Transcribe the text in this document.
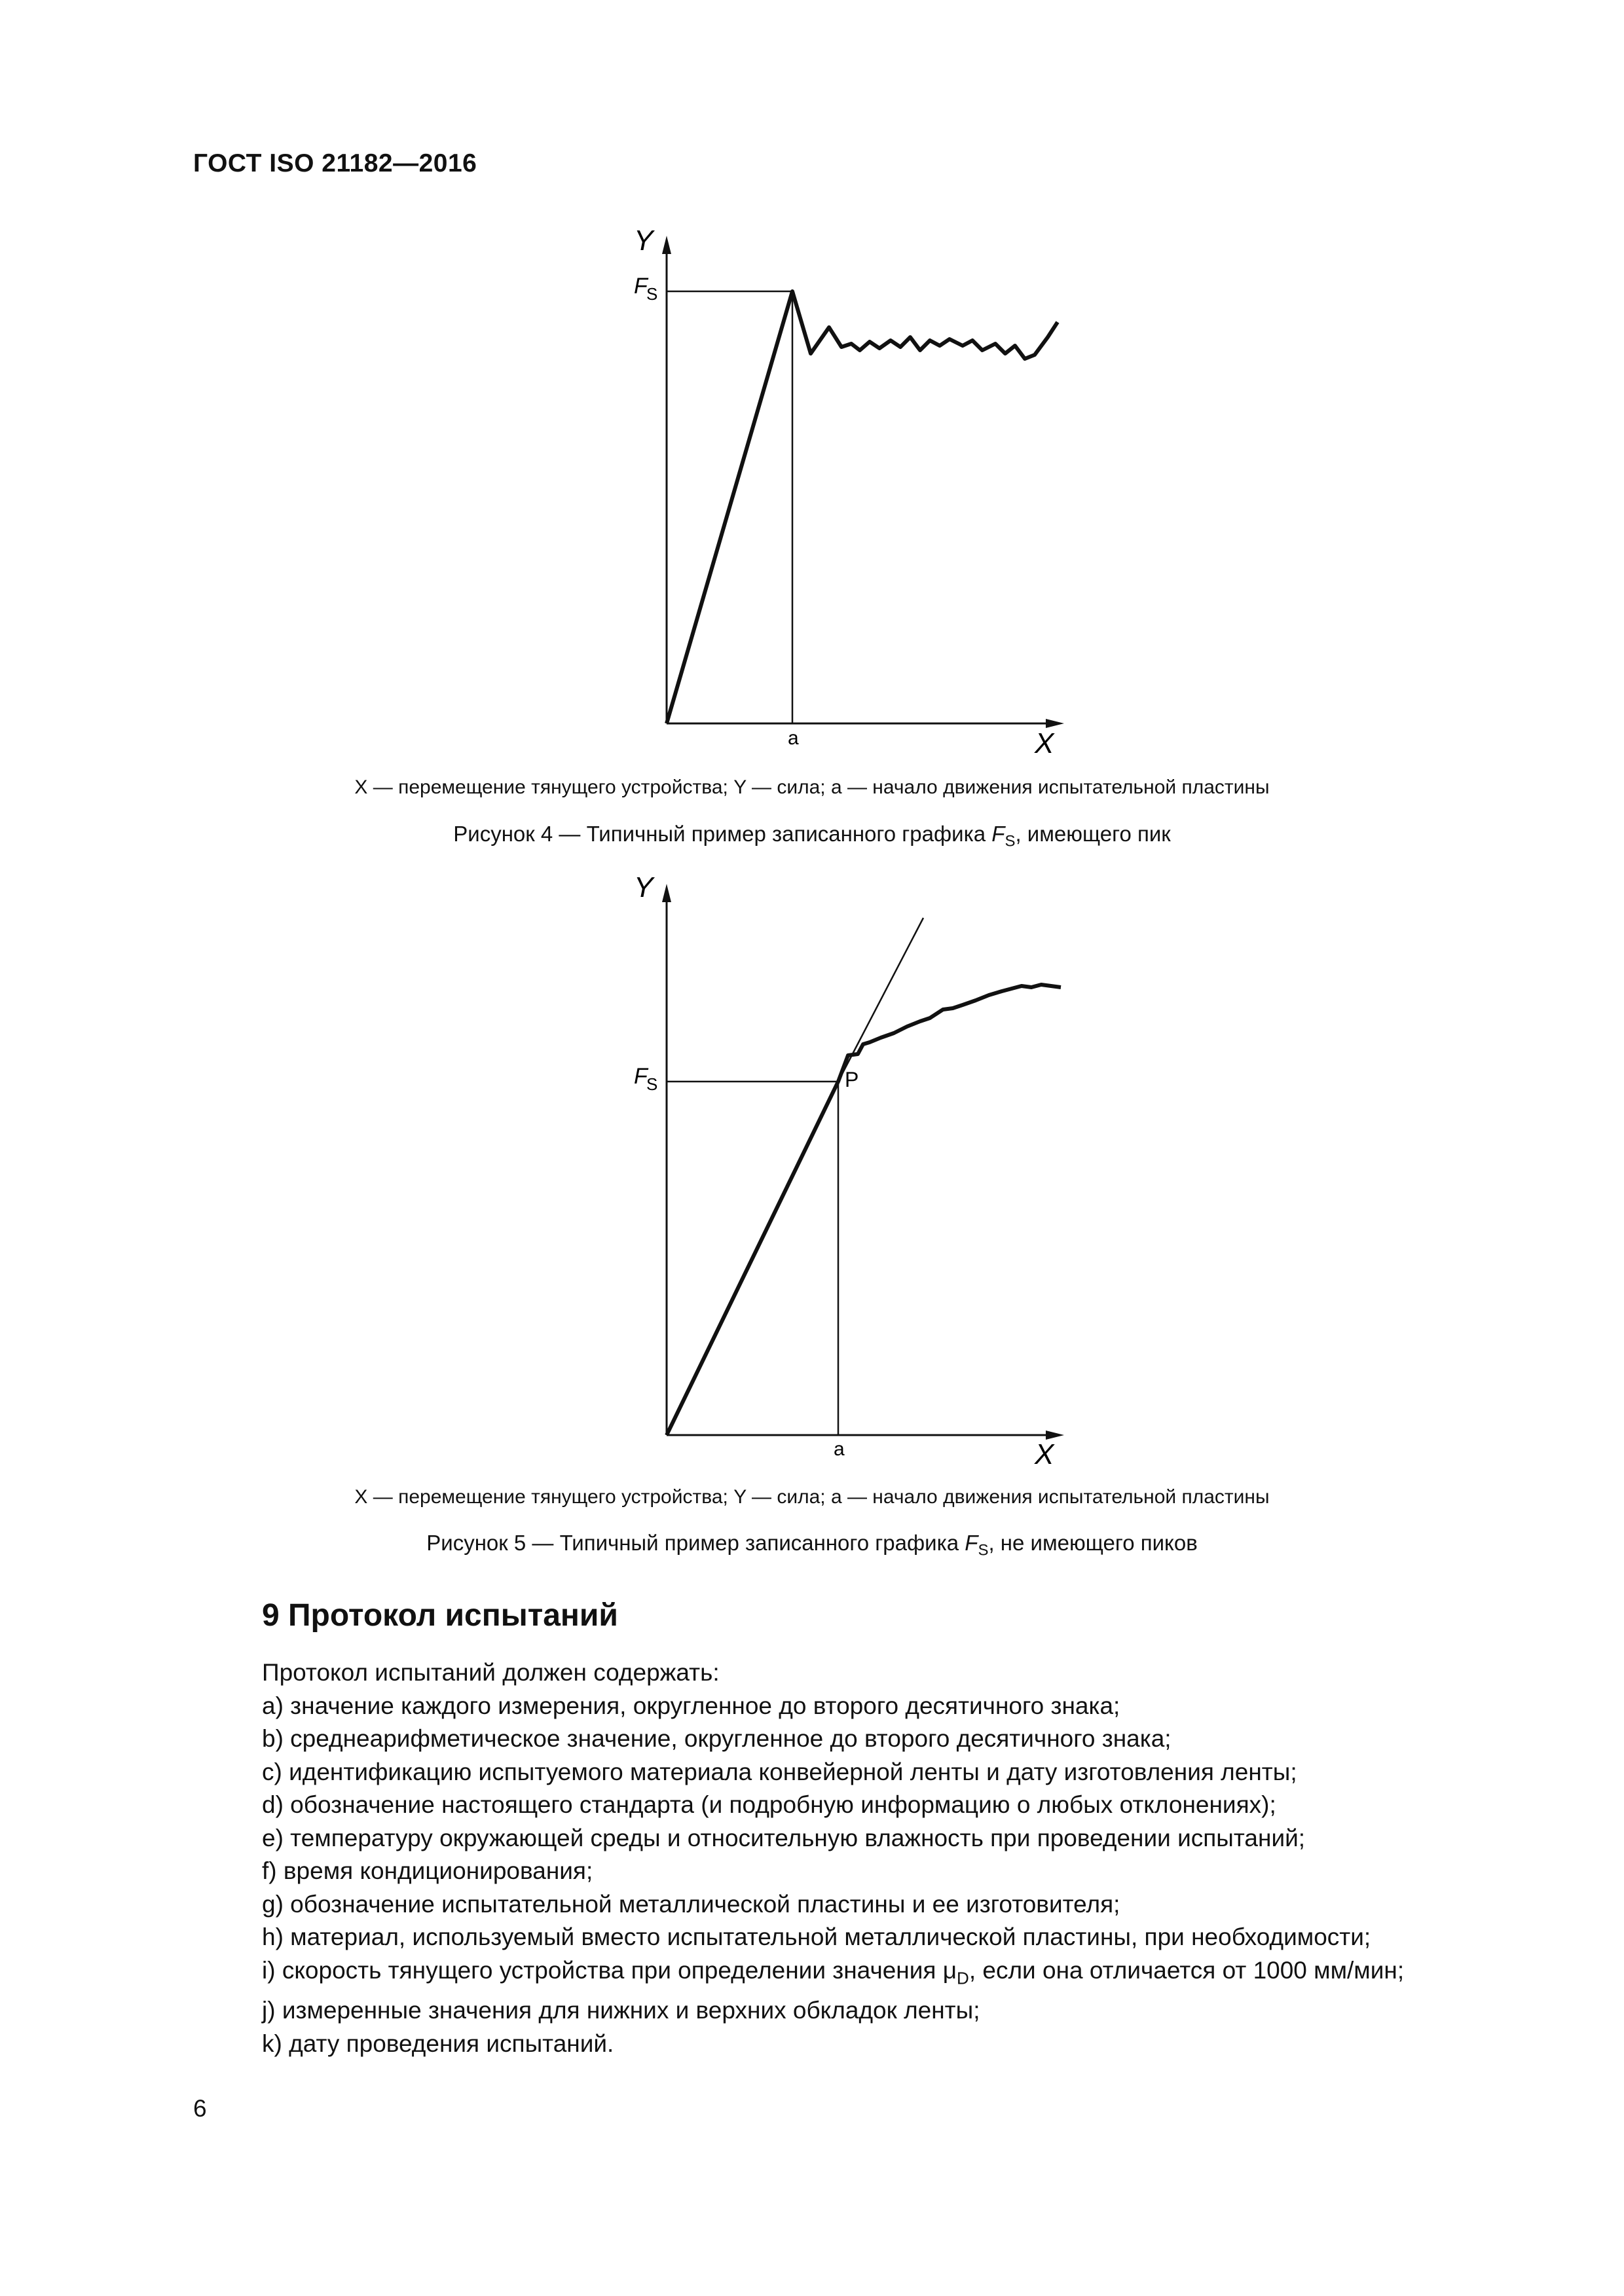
ГОСТ ISO 21182—2016
Y
X
F
S
a
X — перемещение тянущего устройства; Y — сила; a — начало движения испытательной пластины
Рисунок 4 — Типичный пример записанного графика $F_S$, имеющего пик
Y
X
F
S	P
a
X — перемещение тянущего устройства; Y — сила; a — начало движения испытательной пластины
Рисунок 5 — Типичный пример записанного графика $F_S$, не имеющего пиков
9 Протокол испытаний
Протокол испытаний должен содержать:
a) значение каждого измерения, округленное до второго десятичного знака;
b) среднеарифметическое значение, округленное до второго десятичного знака;
c) идентификацию испытуемого материала конвейерной ленты и дату изготовления ленты;
d) обозначение настоящего стандарта (и подробную информацию о любых отклонениях);
e) температуру окружающей среды и относительную влажность при проведении испытаний;
f) время кондиционирования;
g) обозначение испытательной металлической пластины и ее изготовителя;
h) материал, используемый вместо испытательной металлической пластины, при необходимости;
i) скорость тянущего устройства при определении значения $\mu_D$, если она отличается от 1000 мм/мин;
j) измеренные значения для нижних и верхних обкладок ленты;
k) дату проведения испытаний.
6
